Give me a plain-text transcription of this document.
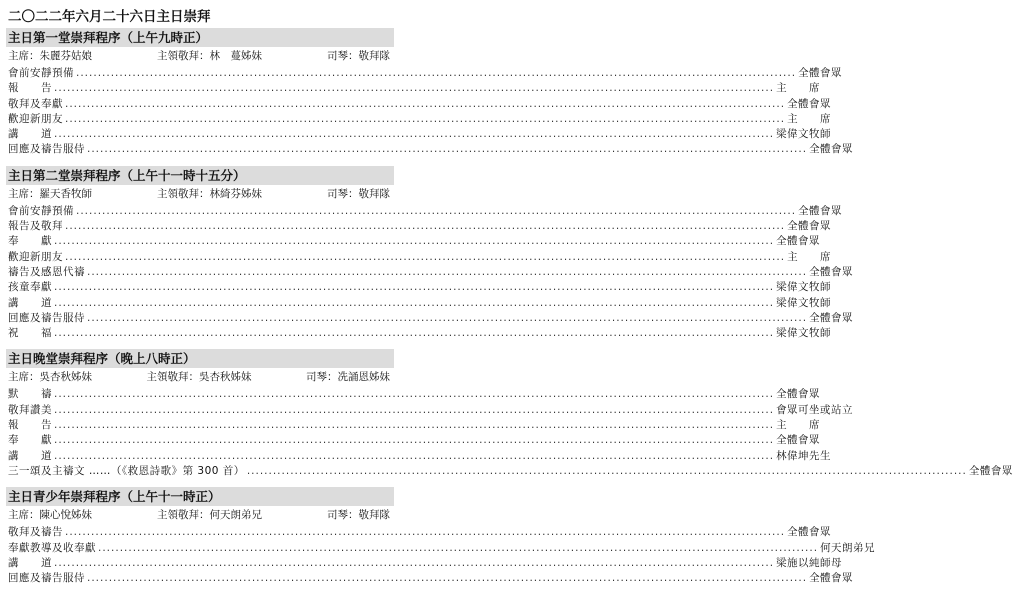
二〇二二年六月二十六日主日崇拜
主日第一堂崇拜程序（上午九時正）
主席：朱麗芬姑娘	主領敬拜：林　蔓姊妹	司琴：敬拜隊
會前安靜預備 ...................................................................................................................................................................... 全體會眾
報　　告 ...................................................................................................................................................................... 主　　席
敬拜及奉獻 ...................................................................................................................................................................... 全體會眾
歡迎新朋友 ...................................................................................................................................................................... 主　　席
講　　道 ...................................................................................................................................................................... 梁偉文牧師
回應及禱告服侍 ...................................................................................................................................................................... 全體會眾
主日第二堂崇拜程序（上午十一時十五分）
主席：羅天香牧師	主領敬拜：林綺芬姊妹	司琴：敬拜隊
會前安靜預備 ...................................................................................................................................................................... 全體會眾
報告及敬拜 ...................................................................................................................................................................... 全體會眾
奉　　獻 ...................................................................................................................................................................... 全體會眾
歡迎新朋友 ...................................................................................................................................................................... 主　　席
禱告及感恩代禱 ...................................................................................................................................................................... 全體會眾
孩童奉獻 ...................................................................................................................................................................... 梁偉文牧師
講　　道 ...................................................................................................................................................................... 梁偉文牧師
回應及禱告服侍 ...................................................................................................................................................................... 全體會眾
祝　　福 ...................................................................................................................................................................... 梁偉文牧師
主日晚堂崇拜程序（晚上八時正）
主席：吳杏秋姊妹	主領敬拜：吳杏秋姊妹	司琴：冼誦恩姊妹
默　　禱 ...................................................................................................................................................................... 全體會眾
敬拜讚美 ...................................................................................................................................................................... 會眾可坐或站立
報　　告 ...................................................................................................................................................................... 主　　席
奉　　獻 ...................................................................................................................................................................... 全體會眾
講　　道 ...................................................................................................................................................................... 林偉坤先生
三一頌及主禱文 ……（《救恩詩歌》第 300 首） ...................................................................................................................................................................... 全體會眾
主日青少年崇拜程序（上午十一時正）
主席：陳心悅姊妹	主領敬拜：何天朗弟兄	司琴：敬拜隊
敬拜及禱告 ...................................................................................................................................................................... 全體會眾
奉獻教導及收奉獻 ...................................................................................................................................................................... 何天朗弟兄
講　　道 ...................................................................................................................................................................... 梁施以純師母
回應及禱告服侍 ...................................................................................................................................................................... 全體會眾
